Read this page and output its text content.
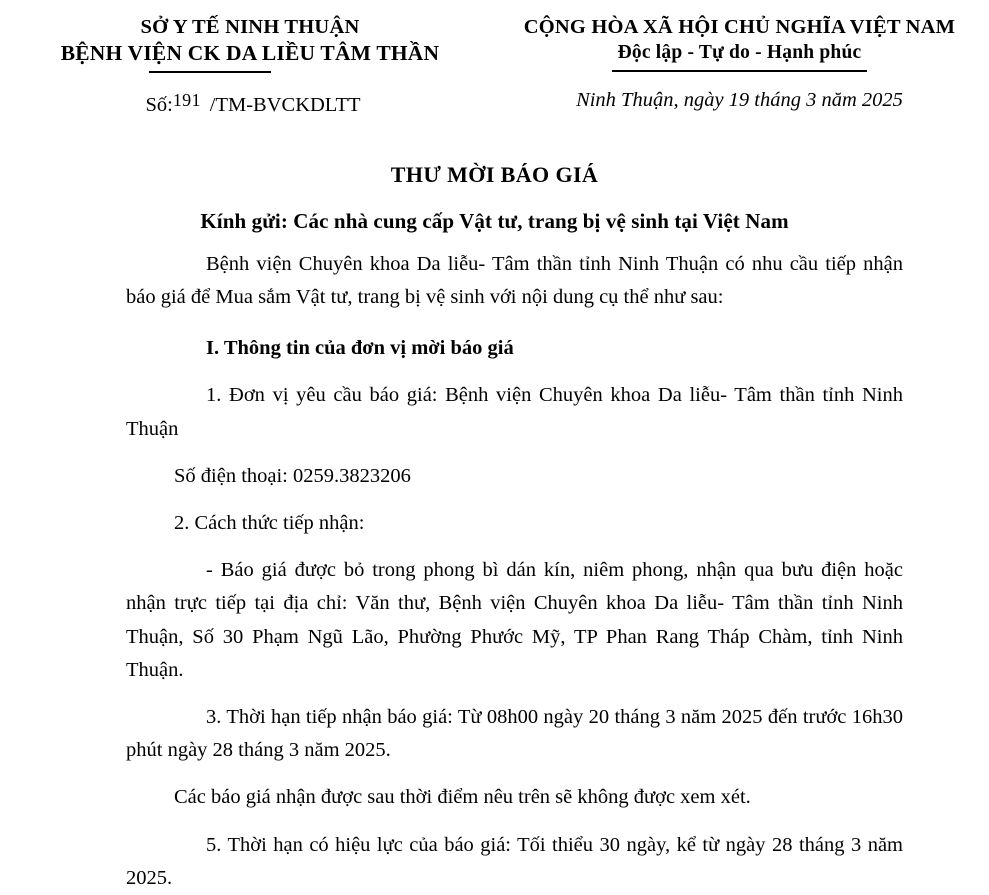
SỞ Y TẾ NINH THUẬN
BỆNH VIỆN CK DA LIỀU TÂM THẦN
Số:191 /TM-BVCKDLTT
CỘNG HÒA XÃ HỘI CHỦ NGHĨA VIỆT NAM
Độc lập - Tự do - Hạnh phúc
Ninh Thuận, ngày 19 tháng 3 năm 2025
THƯ MỜI BÁO GIÁ
Kính gửi: Các nhà cung cấp Vật tư, trang bị vệ sinh tại Việt Nam

Bệnh viện Chuyên khoa Da liễu- Tâm thần tỉnh Ninh Thuận có nhu cầu tiếp nhận báo giá để Mua sắm Vật tư, trang bị vệ sinh với nội dung cụ thể như sau:

I. Thông tin của đơn vị mời báo giá

1. Đơn vị yêu cầu báo giá: Bệnh viện Chuyên khoa Da liễu- Tâm thần tỉnh Ninh Thuận

Số điện thoại: 0259.3823206

2. Cách thức tiếp nhận:

- Báo giá được bỏ trong phong bì dán kín, niêm phong, nhận qua bưu điện hoặc nhận trực tiếp tại địa chỉ: Văn thư, Bệnh viện Chuyên khoa Da liễu- Tâm thần tỉnh Ninh Thuận, Số 30 Phạm Ngũ Lão, Phường Phước Mỹ, TP Phan Rang Tháp Chàm, tỉnh Ninh Thuận.

3. Thời hạn tiếp nhận báo giá: Từ 08h00 ngày 20 tháng 3 năm 2025 đến trước 16h30 phút ngày 28 tháng 3 năm 2025.

Các báo giá nhận được sau thời điểm nêu trên sẽ không được xem xét.

5. Thời hạn có hiệu lực của báo giá: Tối thiểu 30 ngày, kể từ ngày 28 tháng 3 năm 2025.
